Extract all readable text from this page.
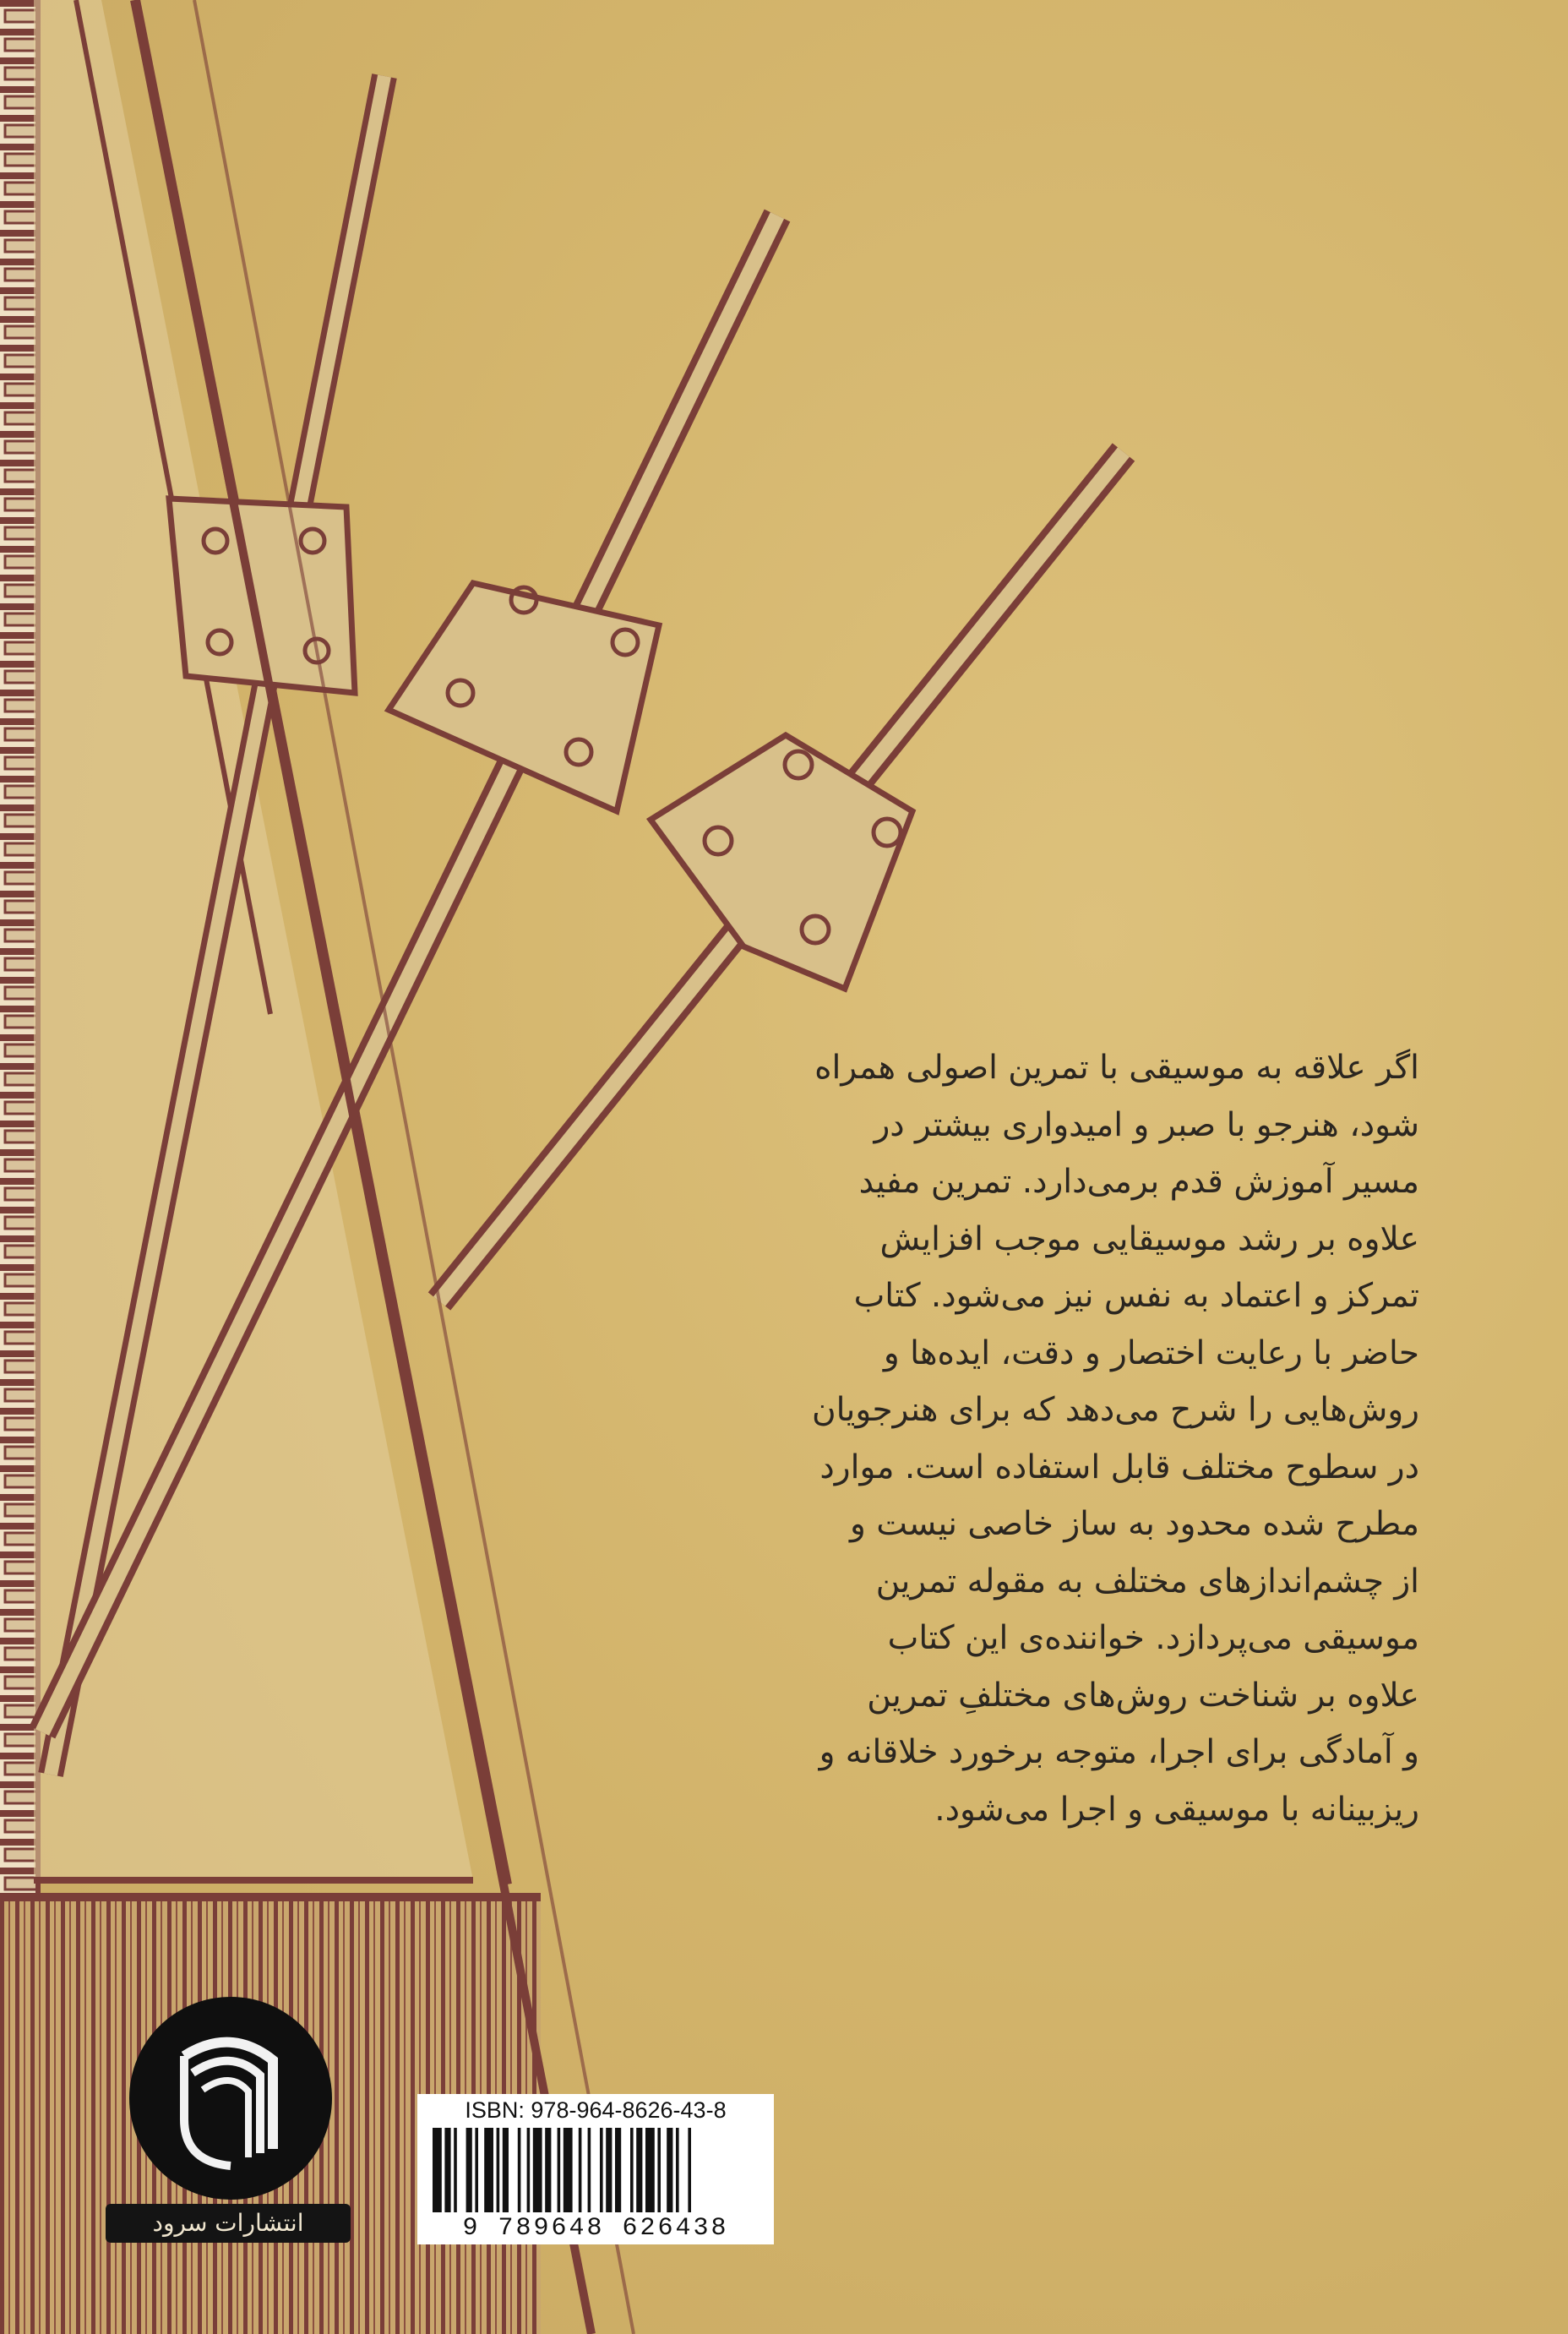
اگر علاقه به موسیقی با تمرین اصولی همراه
شود، هنرجو با صبر و امیدواری بیشتر در
مسیر آموزش قدم برمی‌دارد. تمرین مفید
علاوه بر رشد موسیقایی موجب افزایش
تمرکز و اعتماد به نفس نیز می‌شود. کتاب
حاضر با رعایت اختصار و دقت، ایده‌ها و
روش‌هایی را شرح می‌دهد که برای هنرجویان
در سطوح مختلف قابل استفاده است. موارد
مطرح شده محدود به ساز خاصی نیست و
از چشم‌اندازهای مختلف به مقوله تمرین
موسیقی می‌پردازد. خواننده‌ی این کتاب
علاوه بر شناخت روش‌های مختلفِ تمرین
و آمادگی برای اجرا، متوجه برخورد خلاقانه و
ریزبینانه با موسیقی و اجرا می‌شود.
انتشارات سرود
ISBN: 978-964-8626-43-8
9 789648 626438
